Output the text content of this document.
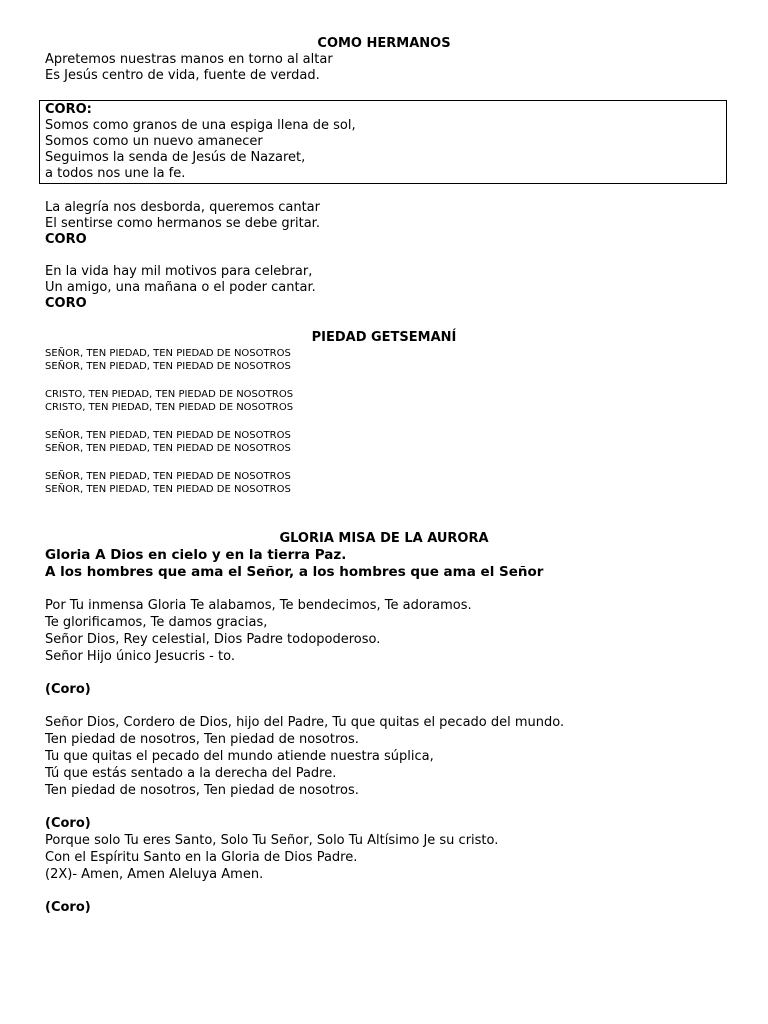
COMO HERMANOS
Apretemos nuestras manos en torno al altar
Es Jesús centro de vida, fuente de verdad.
CORO:
Somos como granos de una espiga llena de sol,
Somos como un nuevo amanecer
Seguimos la senda de Jesús de Nazaret,
a todos nos une la fe.
La alegría nos desborda, queremos cantar
El sentirse como hermanos se debe gritar.
CORO
En la vida hay mil motivos para celebrar,
Un amigo, una mañana o el poder cantar.
CORO
PIEDAD GETSEMANÍ
SEÑOR, TEN PIEDAD, TEN PIEDAD DE NOSOTROS
SEÑOR, TEN PIEDAD, TEN PIEDAD DE NOSOTROS
CRISTO, TEN PIEDAD, TEN PIEDAD DE NOSOTROS
CRISTO, TEN PIEDAD, TEN PIEDAD DE NOSOTROS
SEÑOR, TEN PIEDAD, TEN PIEDAD DE NOSOTROS
SEÑOR, TEN PIEDAD, TEN PIEDAD DE NOSOTROS
SEÑOR, TEN PIEDAD, TEN PIEDAD DE NOSOTROS
SEÑOR, TEN PIEDAD, TEN PIEDAD DE NOSOTROS
GLORIA MISA DE LA AURORA
Gloria A Dios en cielo y en la tierra Paz.
A los hombres que ama el Señor, a los hombres que ama el Señor
Por Tu inmensa Gloria Te alabamos, Te bendecimos, Te adoramos.
Te glorificamos, Te damos gracias,
Señor Dios, Rey celestial, Dios Padre todopoderoso.
Señor Hijo único Jesucris - to.
(Coro)
Señor Dios, Cordero de Dios, hijo del Padre, Tu que quitas el pecado del mundo.
Ten piedad de nosotros, Ten piedad de nosotros.
Tu que quitas el pecado del mundo atiende nuestra súplica,
Tú que estás sentado a la derecha del Padre.
Ten piedad de nosotros, Ten piedad de nosotros.
(Coro)
Porque solo Tu eres Santo, Solo Tu Señor, Solo Tu Altísimo Je su cristo.
Con el Espíritu Santo en la Gloria de Dios Padre.
(2X)- Amen, Amen Aleluya Amen.
(Coro)
